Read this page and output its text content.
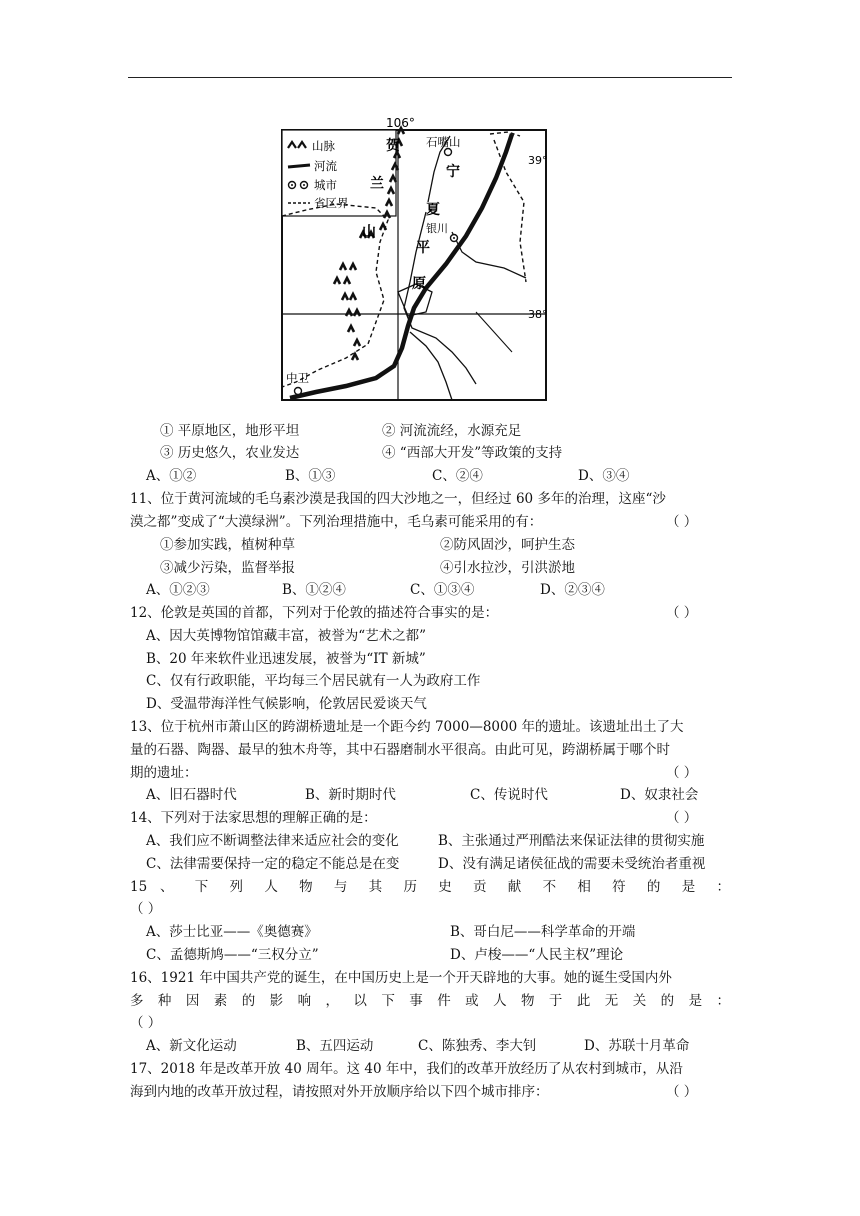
106°
39°
38°
山脉
河流
城市
省区界
贺
兰
山
石嘴山
宁
夏
银川
平
原
中卫
① 平原地区，地形平坦	② 河流流经，水源充足
③ 历史悠久，农业发达	④ “西部大开发”等政策的支持
A、①②	B、①③	C、②④	D、③④
11、位于黄河流域的毛乌素沙漠是我国的四大沙地之一，但经过 60 多年的治理，这座“沙
漠之都”变成了“大漠绿洲”。下列治理措施中，毛乌素可能采用的有：	（ ）
①参加实践，植树种草	②防风固沙，呵护生态
③减少污染，监督举报	④引水拉沙，引洪淤地
A、①②③	B、①②④	C、①③④	D、②③④
12、伦敦是英国的首都，下列对于伦敦的描述符合事实的是：	（ ）
A、因大英博物馆馆藏丰富，被誉为“艺术之都”
B、20 年来软件业迅速发展，被誉为“IT 新城”
C、仅有行政职能，平均每三个居民就有一人为政府工作
D、受温带海洋性气候影响，伦敦居民爱谈天气
13、位于杭州市萧山区的跨湖桥遗址是一个距今约 7000—8000 年的遗址。该遗址出土了大
量的石器、陶器、最早的独木舟等，其中石器磨制水平很高。由此可见，跨湖桥属于哪个时
期的遗址：	（ ）
A、旧石器时代	B、新时期时代	C、传说时代	D、奴隶社会
14、下列对于法家思想的理解正确的是：	（ ）
A、我们应不断调整法律来适应社会的变化	B、主张通过严刑酷法来保证法律的贯彻实施
C、法律需要保持一定的稳定不能总是在变	D、没有满足诸侯征战的需要未受统治者重视
15 、 下 列 人 物 与 其 历 史 贡 献 不 相 符 的 是 ：
（ ）
A、莎士比亚——《奥德赛》	B、哥白尼——科学革命的开端
C、孟德斯鸠——“三权分立”	D、卢梭——“人民主权”理论
16、1921 年中国共产党的诞生，在中国历史上是一个开天辟地的大事。她的诞生受国内外
多 种 因 素 的 影 响 ， 以 下 事 件 或 人 物 于 此 无 关 的 是 ：
（ ）
A、新文化运动	B、五四运动	C、陈独秀、李大钊	D、苏联十月革命
17、2018 年是改革开放 40 周年。这 40 年中，我们的改革开放经历了从农村到城市，从沿
海到内地的改革开放过程，请按照对外开放顺序给以下四个城市排序：	（ ）
